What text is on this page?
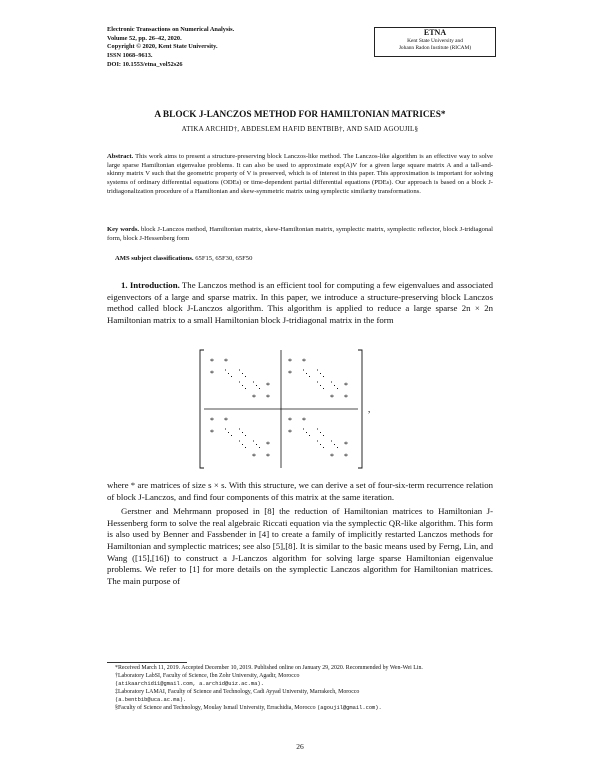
Electronic Transactions on Numerical Analysis.
Volume 52, pp. 26–42, 2020.
Copyright © 2020, Kent State University.
ISSN 1068–9613.
DOI: 10.1553/etna_vol52s26
ETNA
Kent State University and
Johann Radon Institute (RICAM)
A BLOCK J-LANCZOS METHOD FOR HAMILTONIAN MATRICES*
ATIKA ARCHID†, ABDESLEM HAFID BENTBIB†, AND SAID AGOUJIL§
Abstract. This work aims to present a structure-preserving block Lanczos-like method. The Lanczos-like algorithm is an effective way to solve large sparse Hamiltonian eigenvalue problems. It can also be used to approximate exp(A)V for a given large square matrix A and a tall-and-skinny matrix V such that the geometric property of V is preserved, which is of interest in this paper. This approximation is important for solving systems of ordinary differential equations (ODEs) or time-dependent partial differential equations (PDEs). Our approach is based on a block J-tridiagonalization procedure of a Hamiltonian and skew-symmetric matrix using symplectic similarity transformations.
Key words. block J-Lanczos method, Hamiltonian matrix, skew-Hamiltonian matrix, symplectic matrix, symplectic reflector, block J-tridiagonal form, block J-Hessenberg form
AMS subject classifications. 65F15, 65F30, 65F50
1. Introduction. The Lanczos method is an efficient tool for computing a few eigenvalues and associated eigenvectors of a large and sparse matrix. In this paper, we introduce a structure-preserving block Lanczos method called block J-Lanczos algorithm. This algorithm is applied to reduce a large sparse 2n × 2n Hamiltonian matrix to a small Hamiltonian block J-tridiagonal matrix in the form
* *
* ⋱ ⋱
⋱ ⋱ *
* *
* *
* ⋱ ⋱
⋱ ⋱ *
* *
* *
* ⋱ ⋱
⋱ ⋱ *
* *
* *
* ⋱ ⋱
⋱ ⋱ *
* *
,
where * are matrices of size s × s. With this structure, we can derive a set of four-six-term recurrence relation of block J-Lanczos, and find four components of this matrix at the same iteration.
Gerstner and Mehrmann proposed in [8] the reduction of Hamiltonian matrices to Hamiltonian J-Hessenberg form to solve the real algebraic Riccati equation via the symplectic QR-like algorithm. This form is also used by Benner and Fassbender in [4] to create a family of implicitly restarted Lanczos methods for Hamiltonian and symplectic matrices; see also [5],[8]. It is similar to the basic means used by Ferng, Lin, and Wang ([15],[16]) to construct a J-Lanczos algorithm for solving large sparse Hamiltonian eigenvalue problems. We refer to [1] for more details on the symplectic Lanczos algorithm for Hamiltonian matrices. The main purpose of

*Received March 11, 2019. Accepted December 10, 2019. Published online on January 29, 2020. Recommended by Wen-Wei Lin.

†Laboratory LabSI, Faculty of Science, Ibn Zohr University, Agadir, Morocco

(atikaarchid11@gmail.com, a.archid@uiz.ac.ma).

‡Laboratory LAMAI, Faculty of Science and Technology, Cadi Ayyad University, Marrakech, Morocco

(a.bentbib@uca.ac.ma).

§Faculty of Science and Technology, Moulay Ismail University, Errachidia, Morocco (agoujil@gmail.com).

26
